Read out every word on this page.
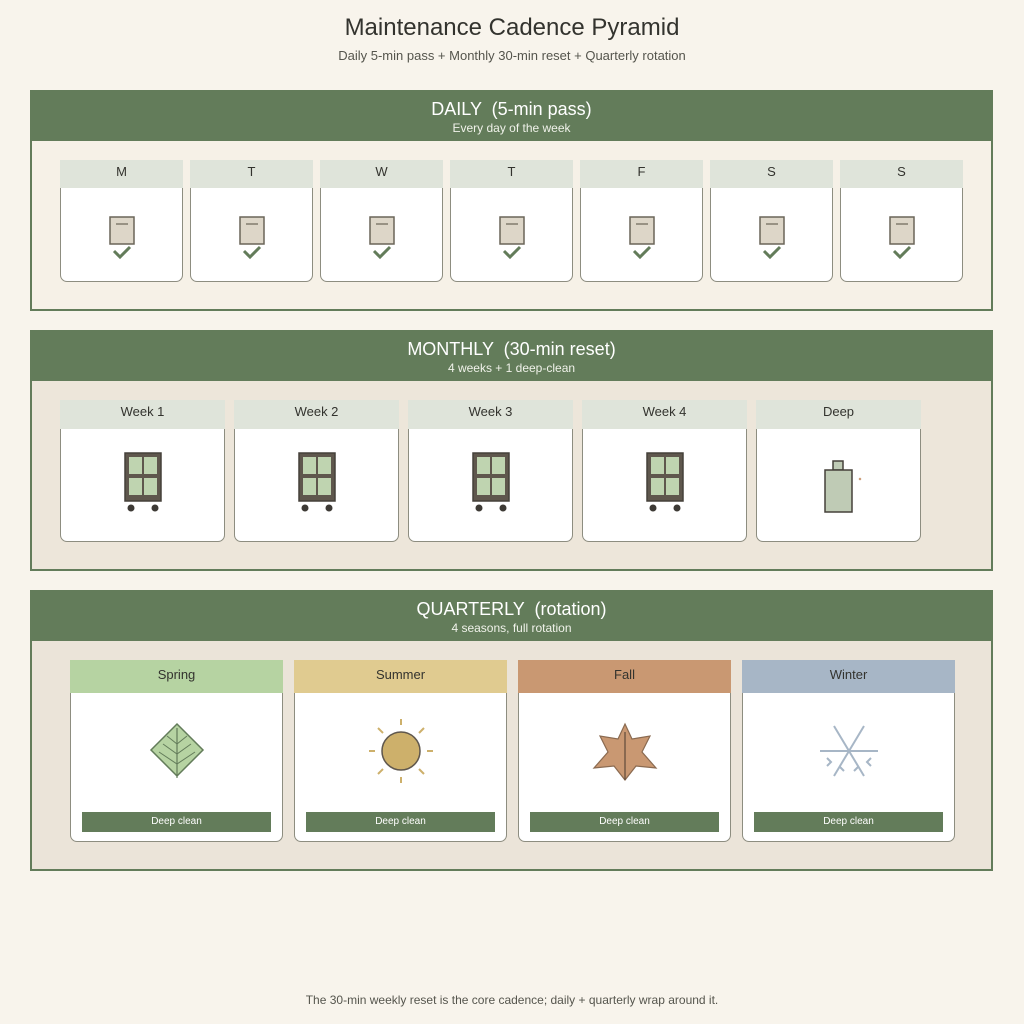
Maintenance Cadence Pyramid
Daily 5-min pass + Monthly 30-min reset + Quarterly rotation
DAILY  (5-min pass)
Every day of the week
M	T	W	T	F	S	S
MONTHLY  (30-min reset)
4 weeks + 1 deep-clean
Week 1	Week 2	Week 3	Week 4	Deep
QUARTERLY  (rotation)
4 seasons, full rotation
Spring
Deep clean
Summer
Deep clean
Fall
Deep clean
Winter
Deep clean
The 30-min weekly reset is the core cadence; daily + quarterly wrap around it.
